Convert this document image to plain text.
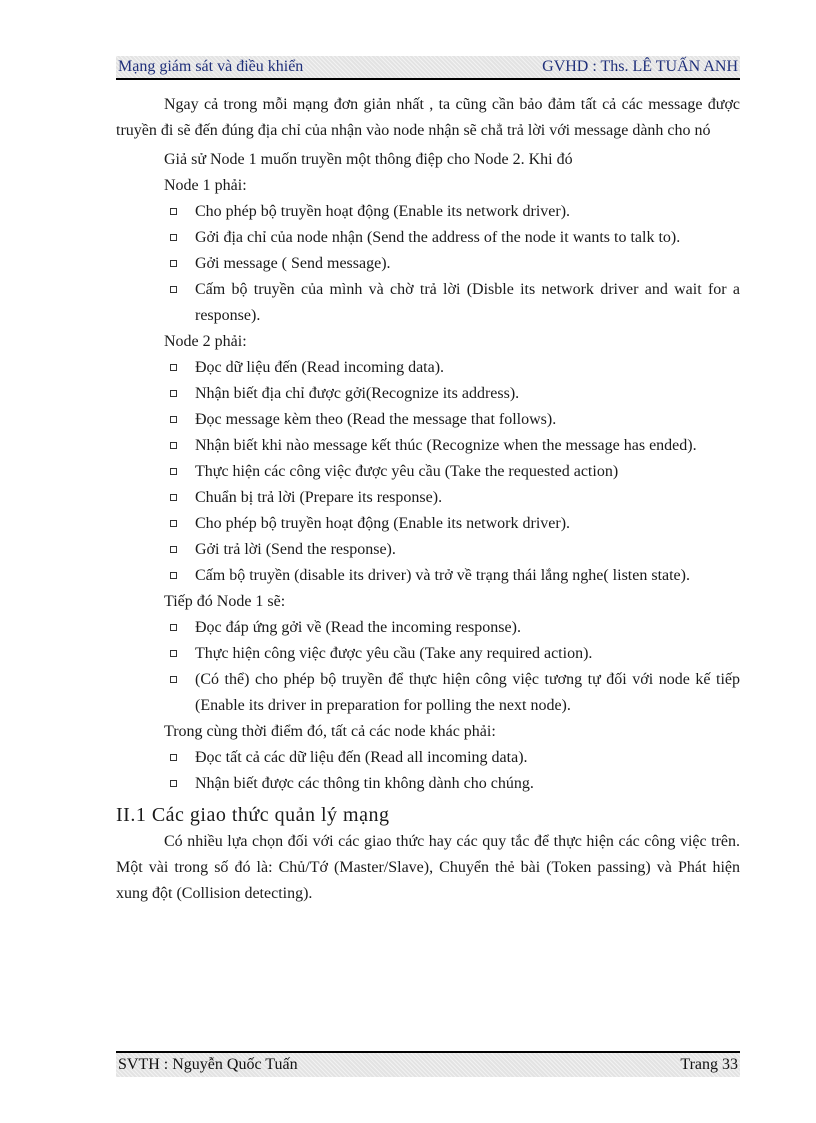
Mạng giám sát và điều khiển	GVHD : Ths. LÊ TUẤN ANH

Ngay cả trong mỗi mạng đơn giản nhất , ta cũng cần bảo đảm tất cả các message được truyền đi sẽ đến đúng địa chỉ của nhận vào node nhận sẽ chẳ trả lời với message dành cho nó

Giả sử Node 1 muốn truyền một thông điệp cho Node 2. Khi đó

Node 1 phải:

Cho phép bộ truyền hoạt động (Enable its network driver).
Gởi địa chỉ của node nhận (Send the address of the node it wants to talk to).
Gởi message ( Send message).
Cấm bộ truyền của mình và chờ trả lời (Disble its network driver and wait for a response).

Node 2 phải:

Đọc dữ liệu đến (Read incoming data).
Nhận biết địa chỉ được gởi(Recognize its address).
Đọc message kèm theo (Read the message that follows).
Nhận biết khi nào message kết thúc (Recognize when the message has ended).
Thực hiện các công việc được yêu cầu (Take the requested action)
Chuẩn bị trả lời (Prepare its response).
Cho phép bộ truyền hoạt động (Enable its network driver).
Gởi trả lời (Send the response).
Cấm bộ truyền (disable its driver) và trở về trạng thái lắng nghe( listen state).

Tiếp đó Node 1 sẽ:

Đọc đáp ứng gởi về (Read the incoming response).
Thực hiện công việc được yêu cầu (Take any required action).
(Có thể) cho phép bộ truyền để thực hiện công việc tương tự đối với node kế tiếp (Enable its driver in preparation for polling the next node).

Trong cùng thời điểm đó, tất cả các node khác phải:

Đọc tất cả các dữ liệu đến (Read all incoming data).
Nhận biết được các thông tin không dành cho chúng.
II.1 Các giao thức quản lý mạng

Có nhiều lựa chọn đối với các giao thức hay các quy tắc để thực hiện các công việc trên. Một vài trong số đó là: Chủ/Tớ (Master/Slave), Chuyển thẻ bài (Token passing) và Phát hiện xung đột (Collision detecting).

SVTH : Nguyễn Quốc Tuấn	Trang 33
